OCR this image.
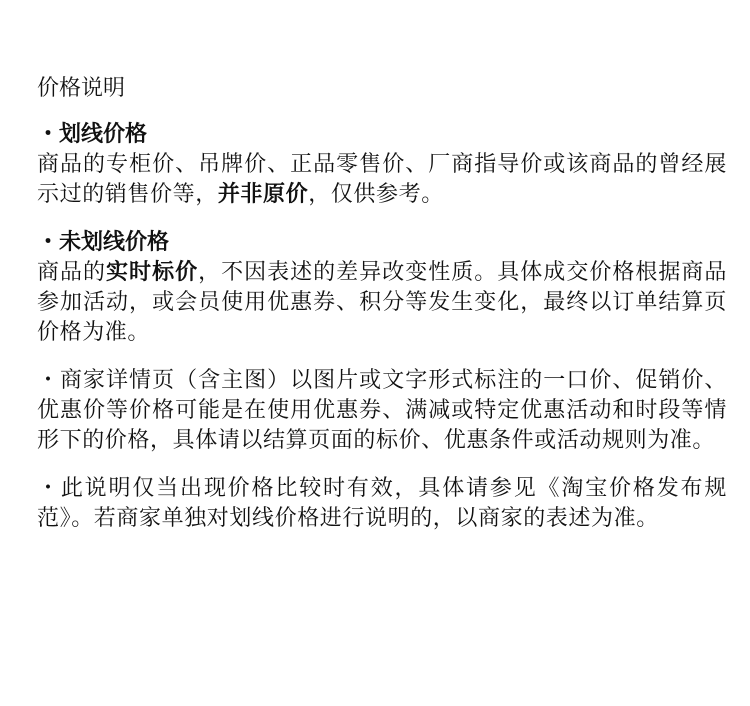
价格说明
・划线价格

商品的专柜价、吊牌价、正品零售价、厂商指导价或该商品的曾经展示过的销售价等，并非原价，仅供参考。

・未划线价格

商品的实时标价，不因表述的差异改变性质。具体成交价格根据商品参加活动，或会员使用优惠券、积分等发生变化，最终以订单结算页价格为准。

・商家详情页（含主图）以图片或文字形式标注的一口价、促销价、优惠价等价格可能是在使用优惠券、满减或特定优惠活动和时段等情形下的价格，具体请以结算页面的标价、优惠条件或活动规则为准。

・此说明仅当出现价格比较时有效，具体请参见《淘宝价格发布规范》。若商家单独对划线价格进行说明的，以商家的表述为准。
